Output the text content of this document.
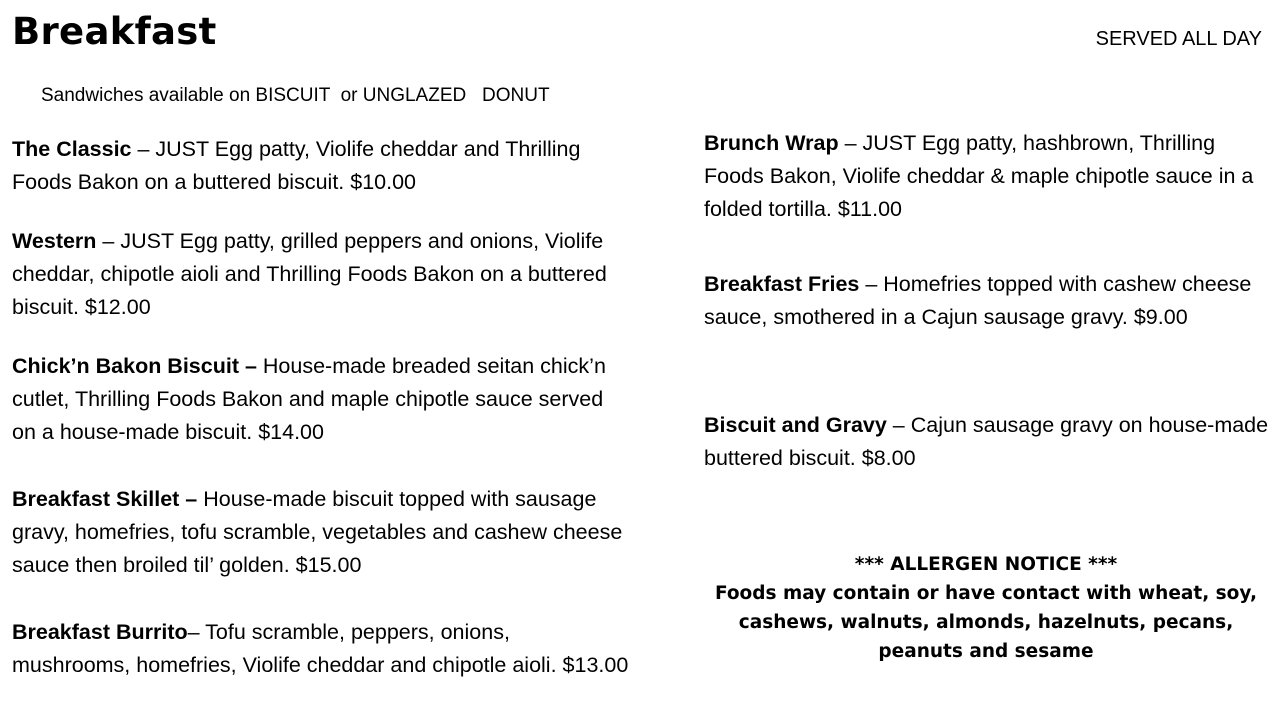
Breakfast	SERVED ALL DAY
Sandwiches available on BISCUIT  or UNGLAZED   DONUT

The Classic – JUST Egg patty, Violife cheddar and Thrilling Foods Bakon on a buttered biscuit. $10.00

Western – JUST Egg patty, grilled peppers and onions, Violife cheddar, chipotle aioli and Thrilling Foods Bakon on a buttered biscuit. $12.00

Chick’n Bakon Biscuit – House-made breaded seitan chick’n cutlet, Thrilling Foods Bakon and maple chipotle sauce served on a house-made biscuit. $14.00

Breakfast Skillet – House-made biscuit topped with sausage gravy, homefries, tofu scramble, vegetables and cashew cheese sauce then broiled til’ golden. $15.00

Breakfast Burrito– Tofu scramble, peppers, onions, mushrooms, homefries, Violife cheddar and chipotle aioli. $13.00

Brunch Wrap – JUST Egg patty, hashbrown, Thrilling Foods Bakon, Violife cheddar & maple chipotle sauce in a folded tortilla. $11.00

Breakfast Fries – Homefries topped with cashew cheese sauce, smothered in a Cajun sausage gravy. $9.00

Biscuit and Gravy – Cajun sausage gravy on house-made buttered biscuit. $8.00

*** ALLERGEN NOTICE ***
Foods may contain or have contact with wheat, soy, cashews, walnuts, almonds, hazelnuts, pecans, peanuts and sesame
